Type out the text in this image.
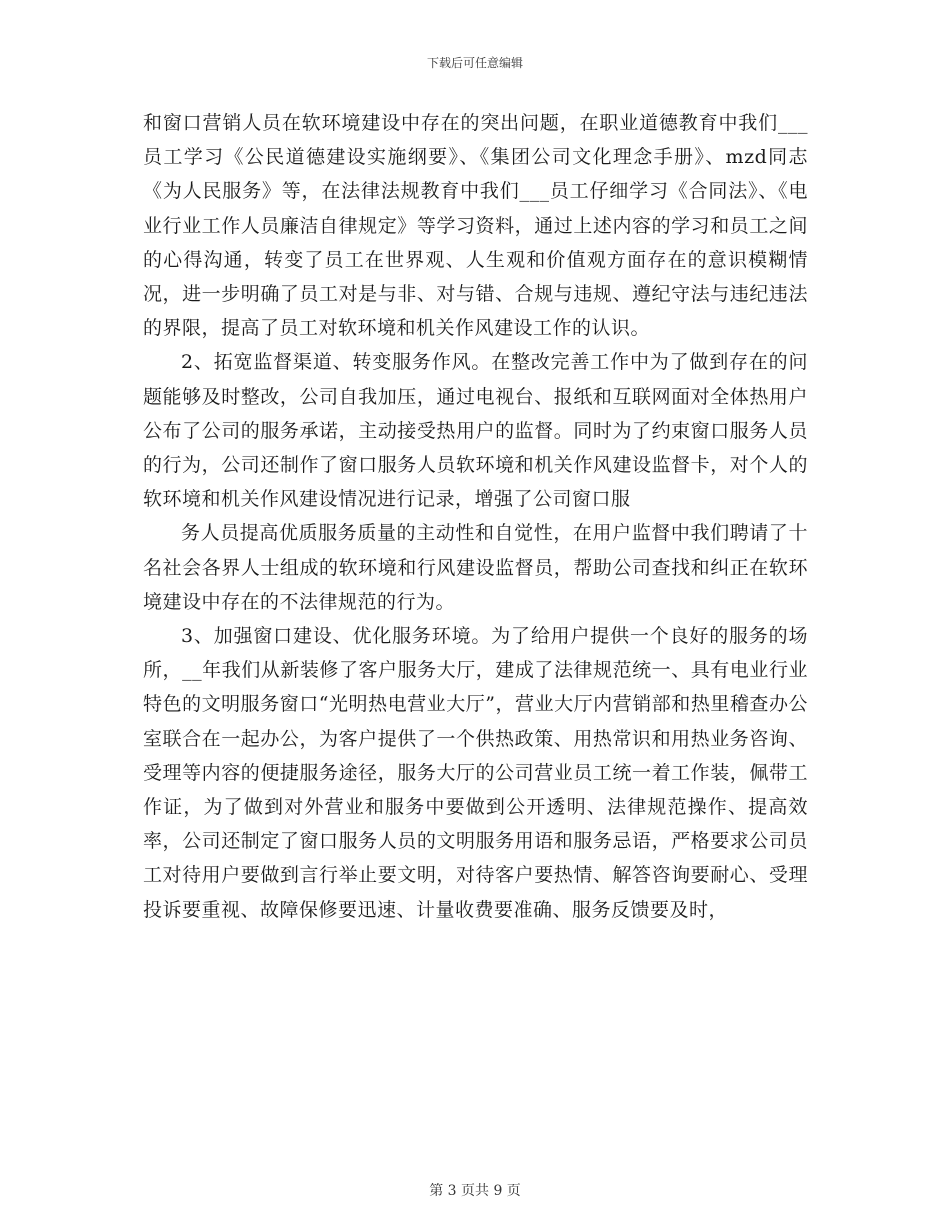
下载后可任意编辑

和窗口营销人员在软环境建设中存在的突出问题，在职业道德教育中我们___员工学习《公民道德建设实施纲要》、《集团公司文化理念手册》、mzd同志《为人民服务》等，在法律法规教育中我们___员工仔细学习《合同法》、《电业行业工作人员廉洁自律规定》等学习资料，通过上述内容的学习和员工之间的心得沟通，转变了员工在世界观、人生观和价值观方面存在的意识模糊情况，进一步明确了员工对是与非、对与错、合规与违规、遵纪守法与违纪违法的界限，提高了员工对软环境和机关作风建设工作的认识。

2、拓宽监督渠道、转变服务作风。在整改完善工作中为了做到存在的问题能够及时整改，公司自我加压，通过电视台、报纸和互联网面对全体热用户公布了公司的服务承诺，主动接受热用户的监督。同时为了约束窗口服务人员的行为，公司还制作了窗口服务人员软环境和机关作风建设监督卡，对个人的软环境和机关作风建设情况进行记录，增强了公司窗口服

务人员提高优质服务质量的主动性和自觉性，在用户监督中我们聘请了十名社会各界人士组成的软环境和行风建设监督员，帮助公司查找和纠正在软环境建设中存在的不法律规范的行为。

3、加强窗口建设、优化服务环境。为了给用户提供一个良好的服务的场所，__年我们从新装修了客户服务大厅，建成了法律规范统一、具有电业行业特色的文明服务窗口“光明热电营业大厅”，营业大厅内营销部和热里稽查办公室联合在一起办公，为客户提供了一个供热政策、用热常识和用热业务咨询、受理等内容的便捷服务途径，服务大厅的公司营业员工统一着工作装，佩带工作证，为了做到对外营业和服务中要做到公开透明、法律规范操作、提高效率，公司还制定了窗口服务人员的文明服务用语和服务忌语，严格要求公司员工对待用户要做到言行举止要文明，对待客户要热情、解答咨询要耐心、受理投诉要重视、故障保修要迅速、计量收费要准确、服务反馈要及时，

第 3 页共 9 页
